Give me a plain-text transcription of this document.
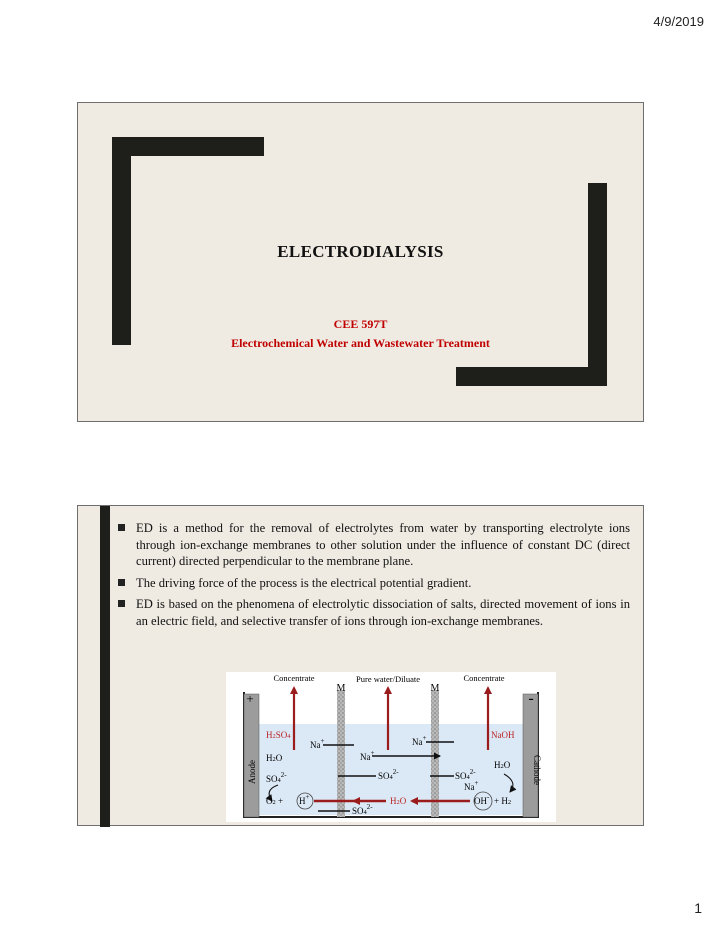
4/9/2019
ELECTRODIALYSIS
CEE 597T
Electrochemical Water and Wastewater Treatment
ED is a method for the removal of electrolytes from water by transporting electrolyte ions through ion-exchange membranes to other solution under the influence of constant DC (direct current) directed perpendicular to the membrane plane.
The driving force of the process is the electrical potential gradient.
ED is based on the phenomena of electrolytic dissociation of salts, directed movement of ions in an electric field, and selective transfer of ions through ion-exchange membranes.
Concentrate	Pure water/Diluate	Concentrate
M	M
+	-
Anode	Cathode
H2SO4
Na+
H2O
$SO4^{2-}$
Na+
$SO4^{2-}$
Na+	NaOH
H2O
$SO4^{2-}$
Na+
O2 + H+	H2O	OH- + H2
$SO4^{2-}$
1
